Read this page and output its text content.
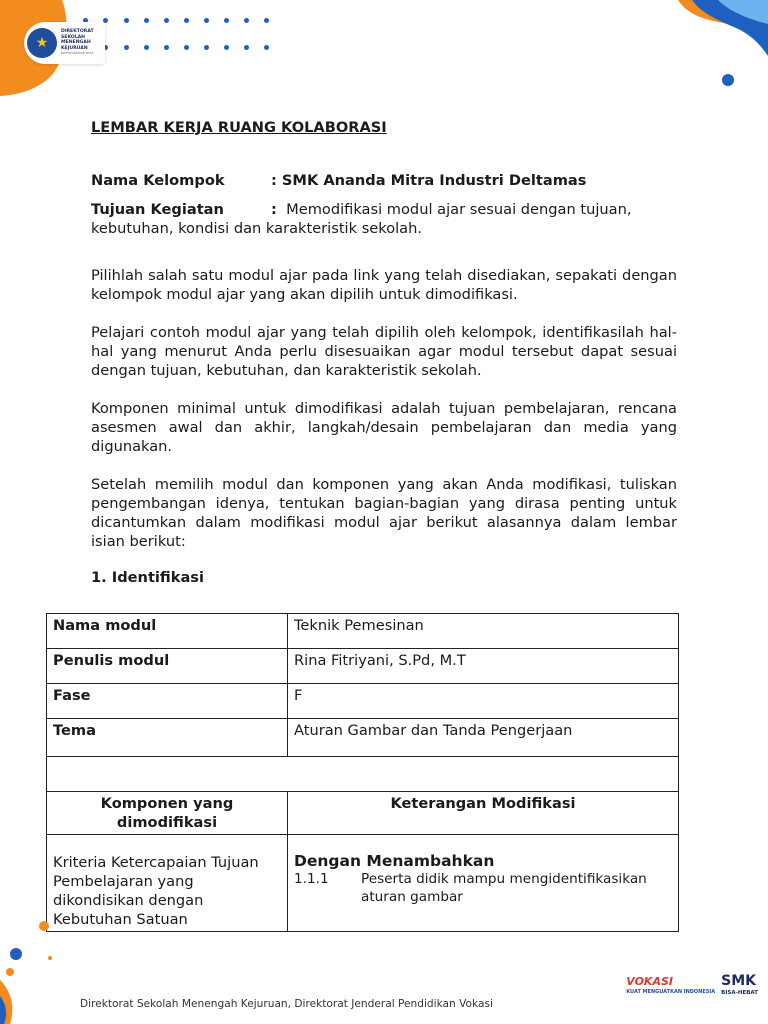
★
DIREKTORAT
SEKOLAH MENENGAH
KEJURUAN
Kemendikbudristek

LEMBAR KERJA RUANG KOLABORASI

Nama Kelompok	: SMK Ananda Mitra Industri Deltamas

Tujuan Kegiatan	: Memodifikasi modul ajar sesuai dengan tujuan,
kebutuhan, kondisi dan karakteristik sekolah.

Pilihlah salah satu modul ajar pada link yang telah disediakan, sepakati dengan kelompok modul ajar yang akan dipilih untuk dimodifikasi.

Pelajari contoh modul ajar yang telah dipilih oleh kelompok, identifikasilah hal-hal yang menurut Anda perlu disesuaikan agar modul tersebut dapat sesuai dengan tujuan, kebutuhan, dan karakteristik sekolah.

Komponen minimal untuk dimodifikasi adalah tujuan pembelajaran, rencana asesmen awal dan akhir, langkah/desain pembelajaran dan media yang digunakan.

Setelah memilih modul dan komponen yang akan Anda modifikasi, tuliskan pengembangan idenya, tentukan bagian-bagian yang dirasa penting untuk dicantumkan dalam modifikasi modul ajar berikut alasannya dalam lembar isian berikut:

1. Identifikasi

Nama modul	Teknik Pemesinan
Penulis modul	Rina Fitriyani, S.Pd, M.T
Fase	F
Tema	Aturan Gambar dan Tanda Pengerjaan

Komponen yang dimodifikasi	Keterangan Modifikasi
Kriteria Ketercapaian Tujuan Pembelajaran yang dikondisikan dengan Kebutuhan Satuan	Dengan Menambahkan
1.1.1 Peserta didik mampu mengidentifikasikan aturan gambar
Direktorat Sekolah Menengah Kejuruan, Direktorat Jenderal Pendidikan Vokasi
VOKASI
KUAT MENGUATKAN INDONESIA
SMK
BISA-HEBAT
